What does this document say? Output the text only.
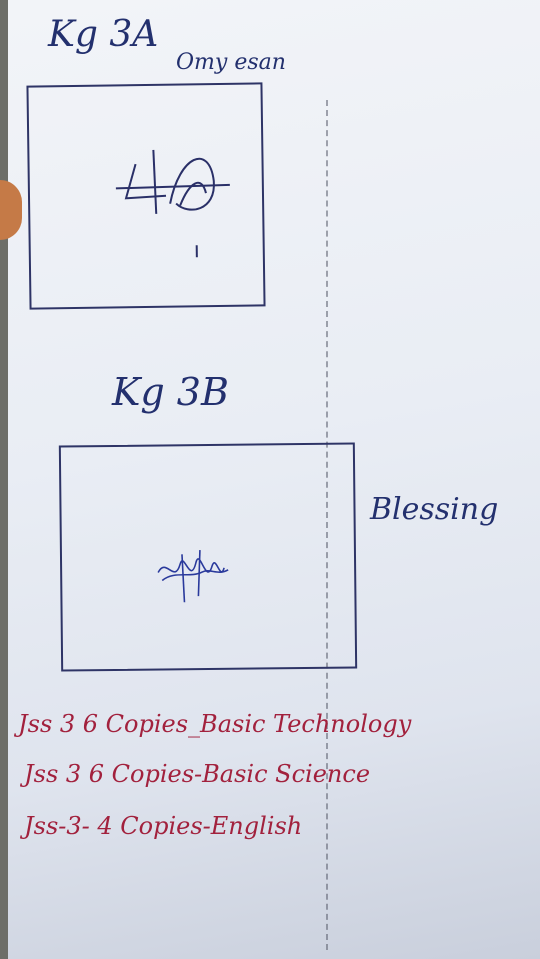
Kg 3A
Omy esan
Kg 3B
Blessing
Jss 3 6 Copies_Basic Technology
Jss 3 6 Copies-Basic Science
Jss-3- 4 Copies-English
